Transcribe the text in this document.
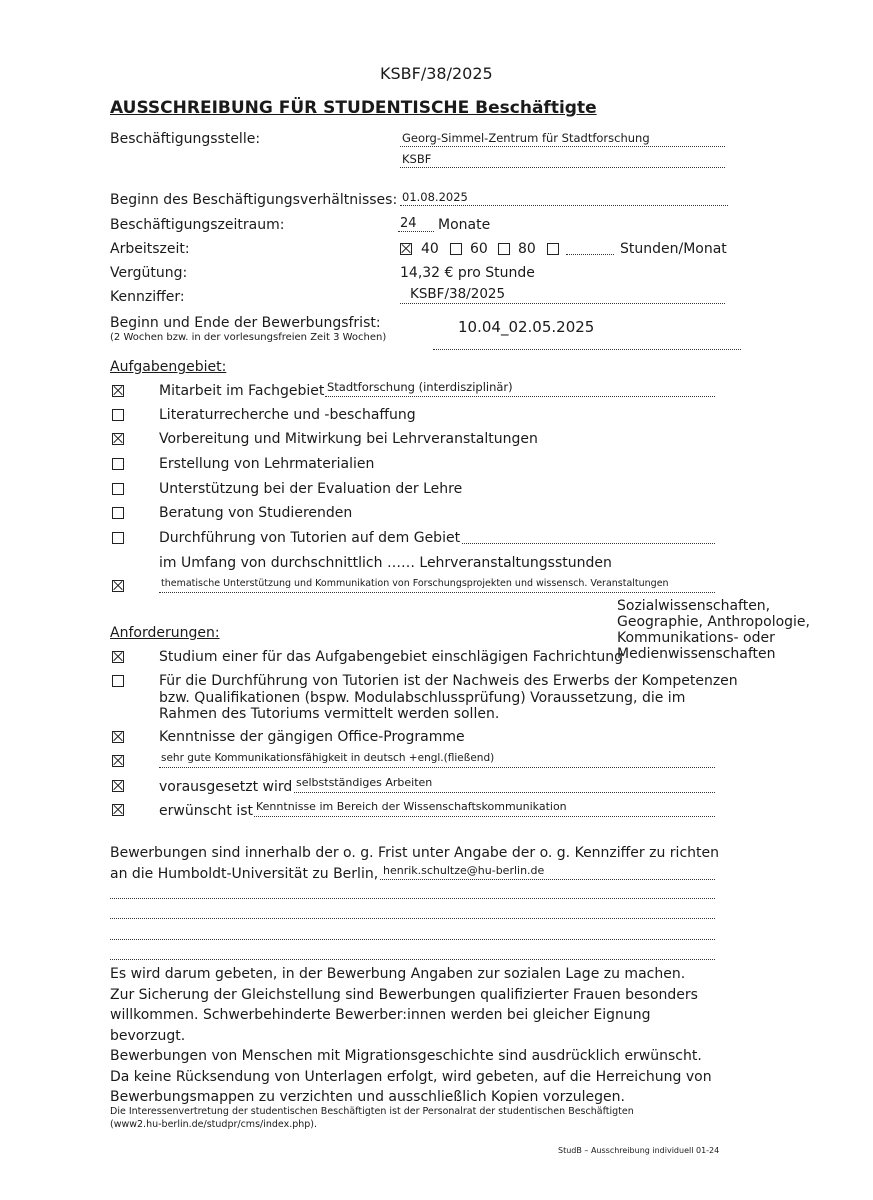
KSBF/38/2025
AUSSCHREIBUNG FÜR STUDENTISCHE Beschäftigte
Beschäftigungsstelle:	Georg-Simmel-Zentrum für Stadtforschung
KSBF
Beginn des Beschäftigungsverhältnisses: 01.08.2025
Beschäftigungszeitraum:	24 Monate
Arbeitszeit:	40 60 80	Stunden/Monat
Vergütung:	14,32 € pro Stunde
Kennziffer:	KSBF/38/2025
Beginn und Ende der Bewerbungsfrist:
(2 Wochen bzw. in der vorlesungsfreien Zeit 3 Wochen)
10.04_02.05.2025
Aufgabengebiet:
Mitarbeit im Fachgebiet Stadtforschung (interdisziplinär)
Literaturrecherche und -beschaffung
Vorbereitung und Mitwirkung bei Lehrveranstaltungen
Erstellung von Lehrmaterialien
Unterstützung bei der Evaluation der Lehre
Beratung von Studierenden
Durchführung von Tutorien auf dem Gebiet
im Umfang von durchschnittlich …… Lehrveranstaltungsstunden
thematische Unterstützung und Kommunikation von Forschungsprojekten und wissensch. Veranstaltungen
Sozialwissenschaften,
Geographie, Anthropologie,
Kommunikations- oder
Medienwissenschaften
Anforderungen:
Studium einer für das Aufgabengebiet einschlägigen Fachrichtung
Für die Durchführung von Tutorien ist der Nachweis des Erwerbs der Kompetenzen
bzw. Qualifikationen (bspw. Modulabschlussprüfung) Voraussetzung, die im
Rahmen des Tutoriums vermittelt werden sollen.
Kenntnisse der gängigen Office-Programme
sehr gute Kommunikationsfähigkeit in deutsch +engl.(fließend)
vorausgesetzt wird selbstständiges Arbeiten
erwünscht ist Kenntnisse im Bereich der Wissenschaftskommunikation
Bewerbungen sind innerhalb der o. g. Frist unter Angabe der o. g. Kennziffer zu richten
an die Humboldt-Universität zu Berlin, henrik.schultze@hu-berlin.de
Es wird darum gebeten, in der Bewerbung Angaben zur sozialen Lage zu machen.
Zur Sicherung der Gleichstellung sind Bewerbungen qualifizierter Frauen besonders
willkommen. Schwerbehinderte Bewerber:innen werden bei gleicher Eignung bevorzugt.
Bewerbungen von Menschen mit Migrationsgeschichte sind ausdrücklich erwünscht.
Da keine Rücksendung von Unterlagen erfolgt, wird gebeten, auf die Herreichung von
Bewerbungsmappen zu verzichten und ausschließlich Kopien vorzulegen.
Die Interessenvertretung der studentischen Beschäftigten ist der Personalrat der studentischen Beschäftigten
(www2.hu-berlin.de/studpr/cms/index.php).
StudB – Ausschreibung individuell 01-24
